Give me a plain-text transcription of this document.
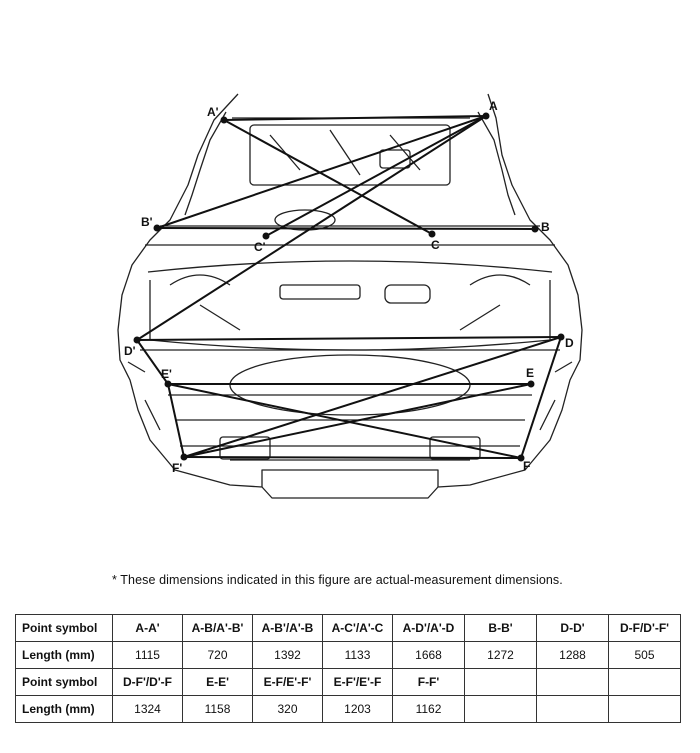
A
A'
B
B'
C
C'
D
D'
E
E'
F
F'
* These dimensions indicated in this figure are actual-measurement dimensions.
Point symbol	A-A'	A-B/A'-B'	A-B'/A'-B	A-C'/A'-C	A-D'/A'-D	B-B'	D-D'	D-F/D'-F'
Length (mm)	1115	720	1392	1133	1668	1272	1288	505
Point symbol	D-F'/D'-F	E-E'	E-F/E'-F'	E-F'/E'-F	F-F'			
Length (mm)	1324	1158	320	1203	1162			
